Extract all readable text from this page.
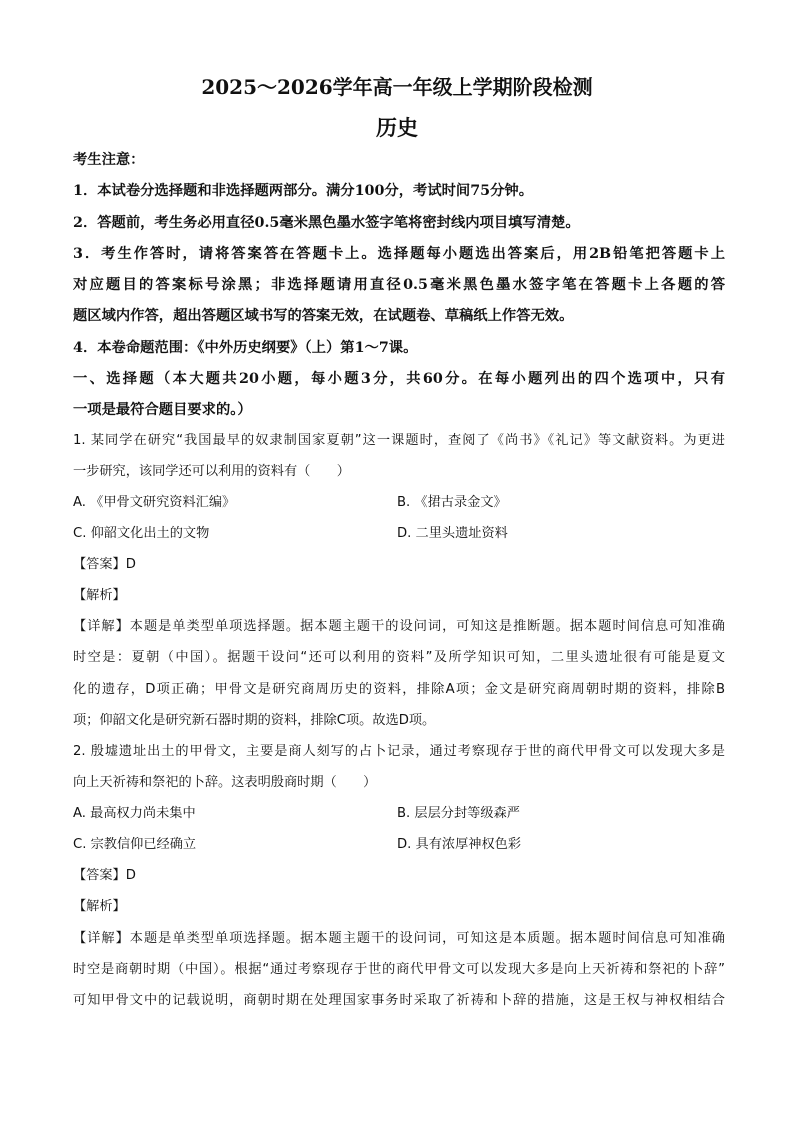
2025～2026学年高一年级上学期阶段检测
历史
考生注意：
1．本试卷分选择题和非选择题两部分。满分100分，考试时间75分钟。
2．答题前，考生务必用直径0.5毫米黑色墨水签字笔将密封线内项目填写清楚。
3．考生作答时，请将答案答在答题卡上。选择题每小题选出答案后，用2B铅笔把答题卡上
对应题目的答案标号涂黑；非选择题请用直径0.5毫米黑色墨水签字笔在答题卡上各题的答
题区域内作答，超出答题区域书写的答案无效，在试题卷、草稿纸上作答无效。
4．本卷命题范围：《中外历史纲要》（上）第1～7课。
一、选择题（本大题共20小题，每小题3分，共60分。在每小题列出的四个选项中，只有
一项是最符合题目要求的。）
1. 某同学在研究“我国最早的奴隶制国家夏朝”这一课题时，查阅了《尚书》《礼记》等文献资料。为更进
一步研究，该同学还可以利用的资料有（　　）
A. 《甲骨文研究资料汇编》	B. 《捃古录金文》
C. 仰韶文化出土的文物	D. 二里头遗址资料
【答案】D
【解析】
【详解】本题是单类型单项选择题。据本题主题干的设问词，可知这是推断题。据本题时间信息可知准确
时空是：夏朝（中国）。据题干设问“还可以利用的资料”及所学知识可知，二里头遗址很有可能是夏文
化的遗存，D项正确；甲骨文是研究商周历史的资料，排除A项；金文是研究商周朝时期的资料，排除B
项；仰韶文化是研究新石器时期的资料，排除C项。故选D项。
2. 殷墟遗址出土的甲骨文，主要是商人刻写的占卜记录，通过考察现存于世的商代甲骨文可以发现大多是
向上天祈祷和祭祀的卜辞。这表明殷商时期（　　）
A. 最高权力尚未集中	B. 层层分封等级森严
C. 宗教信仰已经确立	D. 具有浓厚神权色彩
【答案】D
【解析】
【详解】本题是单类型单项选择题。据本题主题干的设问词，可知这是本质题。据本题时间信息可知准确
时空是商朝时期（中国）。根据“通过考察现存于世的商代甲骨文可以发现大多是向上天祈祷和祭祀的卜辞”
可知甲骨文中的记载说明，商朝时期在处理国家事务时采取了祈祷和卜辞的措施，这是王权与神权相结合
